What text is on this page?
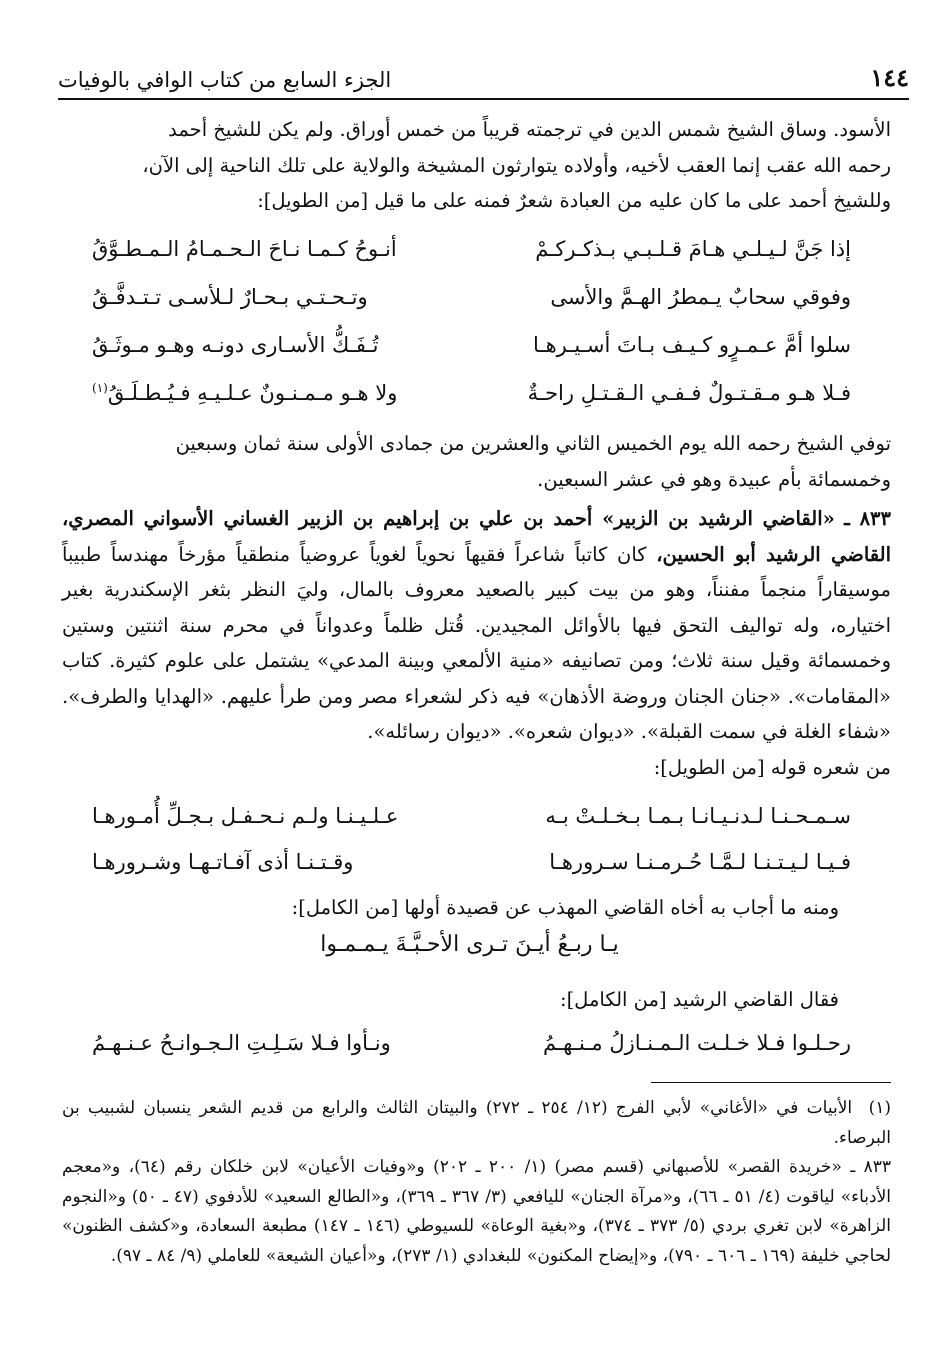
١٤٤
الجزء السابع من كتاب الوافي بالوفيات

الأسود. وساق الشيخ شمس الدين في ترجمته قريباً من خمس أوراق. ولم يكن للشيخ أحمد

رحمه الله عقب إنما العقب لأخيه، وأولاده يتوارثون المشيخة والولاية على تلك الناحية إلى الآن،

وللشيخ أحمد على ما كان عليه من العبادة شعرٌ فمنه على ما قيل [من الطويل]:

إذا جَنَّ لـيـلـي هـامَ قـلـبـي بـذكـركـمْ
أنـوحُ كـمـا نـاحَ الـحـمـامُ الـمـطـوَّقُ
وفوقي سحابٌ يـمطرُ الهـمَّ والأسى
وتـحـتـي بـحـارٌ لـلأسـى تـتـدفَّـقُ
سلوا أمَّ عـمـرٍو كـيـف بـاتَ أسـيـرهـا
تُـفَـكُّ الأسـارى دونـه وهـو مـوثَـقُ
فـلا هـو مـقـتـولٌ فـفـي الـقـتـلِ راحـةٌ
ولا هـو مـمـنـونٌ عـلـيـهِ فـيُـطـلَـقُ$^{(١)}$

توفي الشيخ رحمه الله يوم الخميس الثاني والعشرين من جمادى الأولى سنة ثمان وسبعين

وخمسمائة بأم عبيدة وهو في عشر السبعين.

٨٣٣ ـ «القاضي الرشيد بن الزبير» أحمد بن علي بن إبراهيم بن الزبير الغساني الأسواني المصري، القاضي الرشيد أبو الحسين، كان كاتباً شاعراً فقيهاً نحوياً لغوياً عروضياً منطقياً مؤرخاً مهندساً طبيباً موسيقاراً منجماً مفنناً، وهو من بيت كبير بالصعيد معروف بالمال، وليَ النظر بثغر الإسكندرية بغير اختياره، وله تواليف التحق فيها بالأوائل المجيدين. قُتل ظلماً وعدواناً في محرم سنة اثنتين وستين وخمسمائة وقيل سنة ثلاث؛ ومن تصانيفه «منية الألمعي وبينة المدعي» يشتمل على علوم كثيرة. كتاب «المقامات». «جنان الجنان وروضة الأذهان» فيه ذكر لشعراء مصر ومن طرأ عليهم. «الهدايا والطرف». «شفاء الغلة في سمت القبلة». «ديوان شعره». «ديوان رسائله».

من شعره قوله [من الطويل]:

سـمـحـنـا لـدنـيـانـا بـمـا بـخـلـتْ بـه
عـلـيـنـا ولـم نـحـفـل بـجـلِّ أُمـورهـا
فـيـا لـيـتـنـا لـمَّـا حُـرمـنـا سـرورهـا
وقـتـنـا أذى آفـاتـهـا وشـرورهـا
ومنه ما أجاب به أخاه القاضي المهذب عن قصيدة أولها [من الكامل]:
يـا ربـعُ أيـنَ تـرى الأحـبَّـةَ يـمـمـوا
فقال القاضي الرشيد [من الكامل]:
رحـلـوا فـلا خـلـت الـمـنـازلُ مـنـهـمُ
ونـأوا فـلا سَـلِـتِ الـجـوانـحُ عـنـهـمُ

(١)  الأبيات في «الأغاني» لأبي الفرج (١٢/ ٢٥٤ ـ ٢٧٢) والبيتان الثالث والرابع من قديم الشعر ينسبان لشبيب بن البرصاء.

٨٣٣ ـ «خريدة القصر» للأصبهاني (قسم مصر) (١/ ٢٠٠ ـ ٢٠٢) و«وفيات الأعيان» لابن خلكان رقم (٦٤)، و«معجم الأدباء» لياقوت (٤/ ٥١ ـ ٦٦)، و«مرآة الجنان» لليافعي (٣/ ٣٦٧ ـ ٣٦٩)، و«الطالع السعيد» للأدفوي (٤٧ ـ ٥٠) و«النجوم الزاهرة» لابن تغري بردي (٥/ ٣٧٣ ـ ٣٧٤)، و«بغية الوعاة» للسيوطي (١٤٦ ـ ١٤٧) مطبعة السعادة، و«كشف الظنون» لحاجي خليفة (١٦٩ ـ ٦٠٦ ـ ٧٩٠)، و«إيضاح المكنون» للبغدادي (١/ ٢٧٣)، و«أعيان الشيعة» للعاملي (٩/ ٨٤ ـ ٩٧).
